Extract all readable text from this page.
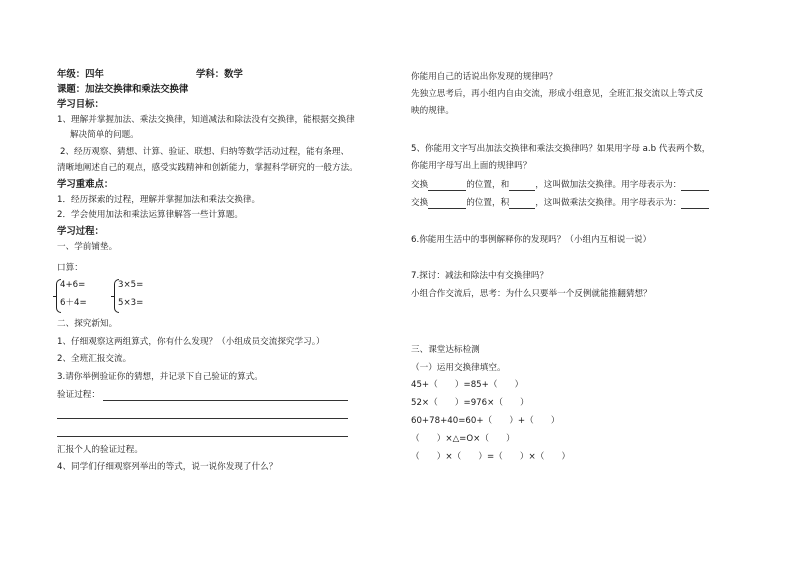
年级：四年	学科：数学
课题：加法交换律和乘法交换律
学习目标：
1、理解并掌握加法、乘法交换律，知道减法和除法没有交换律，能根据交换律
解决简单的问题。
2、经历观察、猜想、计算、验证、联想、归纳等数学活动过程，能有条理、
清晰地阐述自己的观点，感受实践精神和创新能力，掌握科学研究的一般方法。
学习重难点：
1．经历探索的过程，理解并掌握加法和乘法交换律。
2．学会使用加法和乘法运算律解答一些计算题。
学习过程：
一、学前铺垫。
口算：
4+6=
6＋4=
3×5=
5×3=
二、探究新知。
1、仔细观察这两组算式，你有什么发现？（小组成员交流探究学习。）
2、全班汇报交流。
3.请你举例验证你的猜想，并记录下自己验证的算式。
验证过程：
汇报个人的验证过程。
4、同学们仔细观察列举出的等式，说一说你发现了什么？
你能用自己的话说出你发现的规律吗？
先独立思考后，再小组内自由交流，形成小组意见，全班汇报交流以上等式反
映的规律。
5、你能用文字写出加法交换律和乘法交换律吗？如果用字母 a.b 代表两个数，
你能用字母写出上面的规律吗？
交换	的位置，和	，这叫做加法交换律。用字母表示为：
交换	的位置，积	，这叫做乘法交换律。用字母表示为：
6.你能用生活中的事例解释你的发现吗？（小组内互相说一说）
7.探讨：减法和除法中有交换律吗？
小组合作交流后，思考：为什么只要举一个反例就能推翻猜想？
三、课堂达标检测
（一）运用交换律填空。
45+（　　）=85+（　　）
52×（　　）=976×（　　）
60+78+40=60+（　　）+（　　）
（　　）×△=O×（　　）
（　　）×（　　）=（　　）×（　　）
